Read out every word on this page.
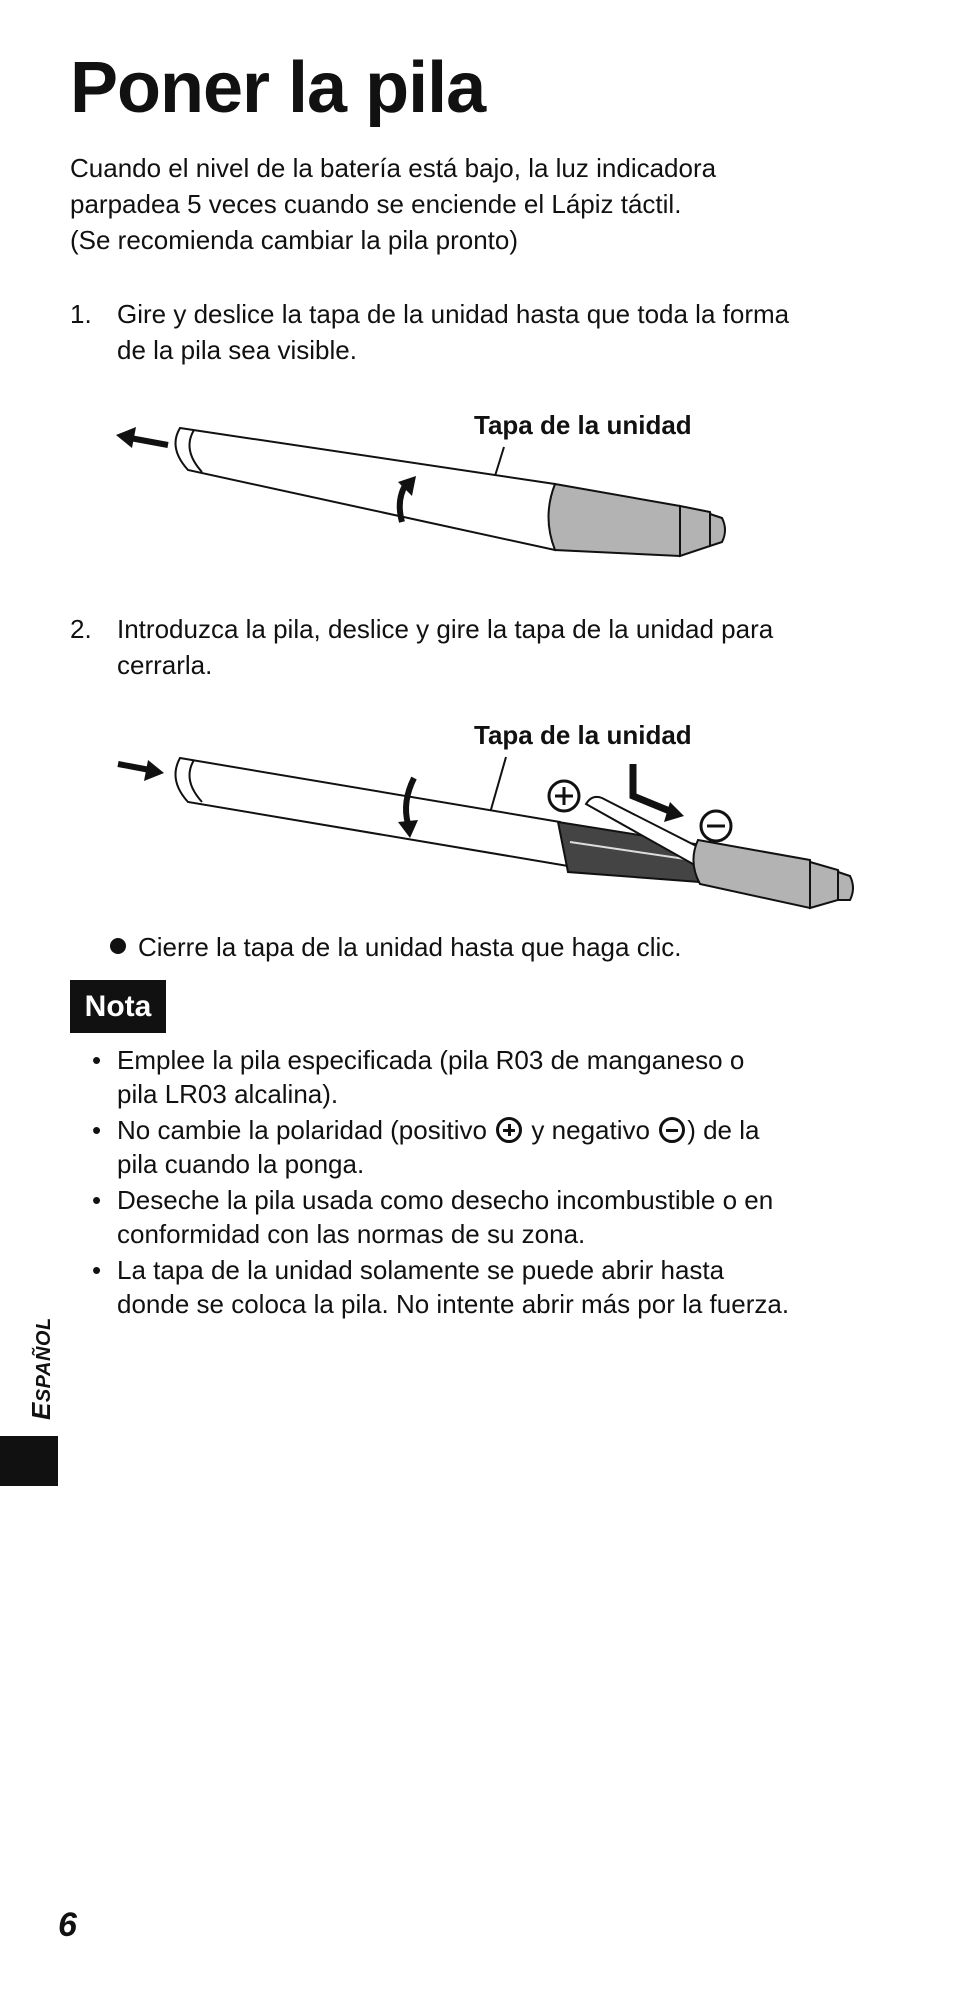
Poner la pila
Cuando el nivel de la batería está bajo, la luz indicadora
parpadea 5 veces cuando se enciende el Lápiz táctil.
(Se recomienda cambiar la pila pronto)
1. Gire y deslice la tapa de la unidad hasta que toda la forma
de la pila sea visible.
Tapa de la unidad
2. Introduzca la pila, deslice y gire la tapa de la unidad para
cerrarla.
Tapa de la unidad
Cierre la tapa de la unidad hasta que haga clic.
Nota
• Emplee la pila especificada (pila R03 de manganeso o
pila LR03 alcalina).
• No cambie la polaridad (positivo  y negativo ) de la
pila cuando la ponga.
• Deseche la pila usada como desecho incombustible o en
conformidad con las normas de su zona.
• La tapa de la unidad solamente se puede abrir hasta
donde se coloca la pila. No intente abrir más por la fuerza.
ESPAÑOL
6
